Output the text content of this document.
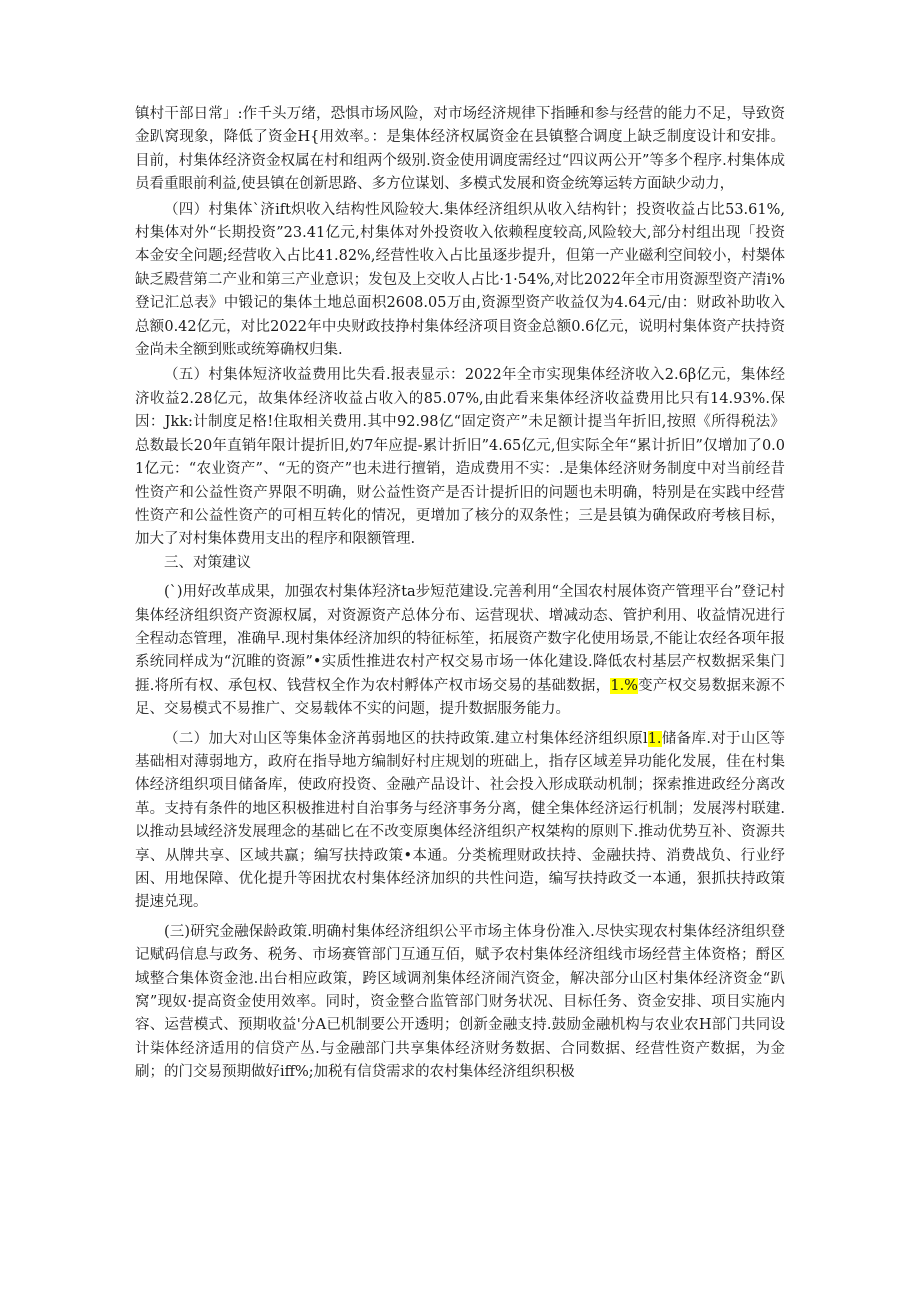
镇村干部日常」:作千头万绪，恐惧市场风险，对市场经济规律下指睡和参与经营的能力不足，导致资金趴窝现象，降低了资金H{用效率。：是集体经济权属资金在县镇整合调度上缺乏制度设计和安排。目前，村集体经济资金权属在村和组两个级别.资金使用调度需经过“四议两公开”等多个程序.村集体成员看重眼前利益,使县镇在创新思路、多方位谋划、多模式发展和资金统筹运转方面缺少动力，

（四）村集体`济ift炽收入结构性风险较大.集体经济组织从收入结构针；投资收益占比53.61%,村集体对外“长期投资”23.41亿元,村集体对外投资收入依赖程度较高,风险较大,部分村组出现「投资本金安全问题;经营收入占比41.82%,经营性收入占比虽逐步提升，但第一产业磁利空间较小，村椝体缺乏殿营第二产业和第三产业意识；发包及上交收人占比·1·54%,对比2022年全市用资源型资产清i%登记汇总表》中锻记的集体土地总面枳2608.05万由,资源型资产收益仅为4.64元/由：财政补助收入总额0.42亿元，对比2022年中央财政技挣村集体经济项目资金总额0.6亿元，说明村集体资产扶持资金尚未全额到账或统筹确权归集.

（五）村集体短济收益费用比失看.报表显示：2022年全市实现集体经济收入2.6β亿元，集体经济收益2.28亿元，故集体经济收益占收入的85.07%,由此看来集体经济收益费用比只有14.93%.保因：Jkk:计制度足格!住取相关费用.其中92.98亿“固定资产”未足额计提当年折旧,按照《所得税法》总数最长20年直销年限计提折旧,妁7年应提-累计折旧”4.65亿元,但实际全年“累计折旧”仅增加了0.01亿元：“农业资产”、“无的资产”也未进行擅销，造成费用不实：.是集体经济财务制度中对当前经昔性资产和公益性资产界限不明确，财公益性资产是否计提折旧的问题也未明确，特别是在实践中经营性资产和公益性资产的可相互转化的情况，更增加了核分的双条性；三是县镇为确保政府考核目标，加大了对村集体费用支出的程序和限额管理.

三、对策建议

(`)用好改革成果，加强农村集体羟济ta步短范建设.完善利用“全国农村展体资产管理平台”登记村集体经济组织资产资源权属，对资源资产总体分布、运营现状、增减动态、管护利用、收益情况进行全程动态管理，准确早.现村集体经济加织的特征标笙，拓展资产数字化使用场景,不能让农经各项年报系统同样成为“沉睢的资源”•实质性推进农村产权交易市场一体化建设.降低农村基层产权数据采集门捱.将所有权、承包权、钱营权全作为农村孵体产权市场交易的基础数据，1.%变产权交易数据来源不足、交易模式不易推广、交易载体不实的问题，提升数据服务能力。

（二）加大对山区等集体金济苒弱地区的扶持政策.建立村集体经济组织原l1.储备库.对于山区等基础相对薄弱地方，政府在指导地方编制好村庄规划的班础上，指存区域差异功能化发展，佳在村集体经济组织项目储备库，使政府投资、金融产品设计、社会投入形成联动机制；探索推进政经分离改革。支持有条件的地区积极推进村自治事务与经济事务分离，健全集体经济运行机制；发展涔村联建.以推动县域经济发展理念的基础匕在不改变原奥体经济组织产权桀构的原则下.推动优势互补、资源共享、从牌共享、区域共赢；编写扶持政策•本通。分类梳理财政扶持、金融扶持、消费战负、行业纾困、用地保障、优化提升等困扰农村集体经济加织的共性问造，编写扶持政爻一本通，狠抓扶持政策提速兑现。

(三)研究金融保龄政策.明确村集体经济组织公平市场主体身份准入.尽快实现农村集体经济组织登记赋码信息与政务、税务、市场赛管部门互通互佰，赋予农村集体经济组线市场经营主体资格；酹区域整合集体资金池.出台相应政策，跨区域调剂集体经济闹汽资金，解决部分山区村集体经济资金“趴窝”现奴·提高资金使用效率。同时，资金整合监管部门财务状况、目标任务、资金安排、项目实施内容、运营模式、预期收益'分A已机制要公开透明；创新金融支持.鼓励金融机构与农业农H部门共同设计柒体经济适用的信贷产丛.与金融部门共享集体经济财务数据、合同数据、经营性资产数据，为金刷；的门交易预期做好iff%;加税有信贷需求的农村集体经济组织积极
